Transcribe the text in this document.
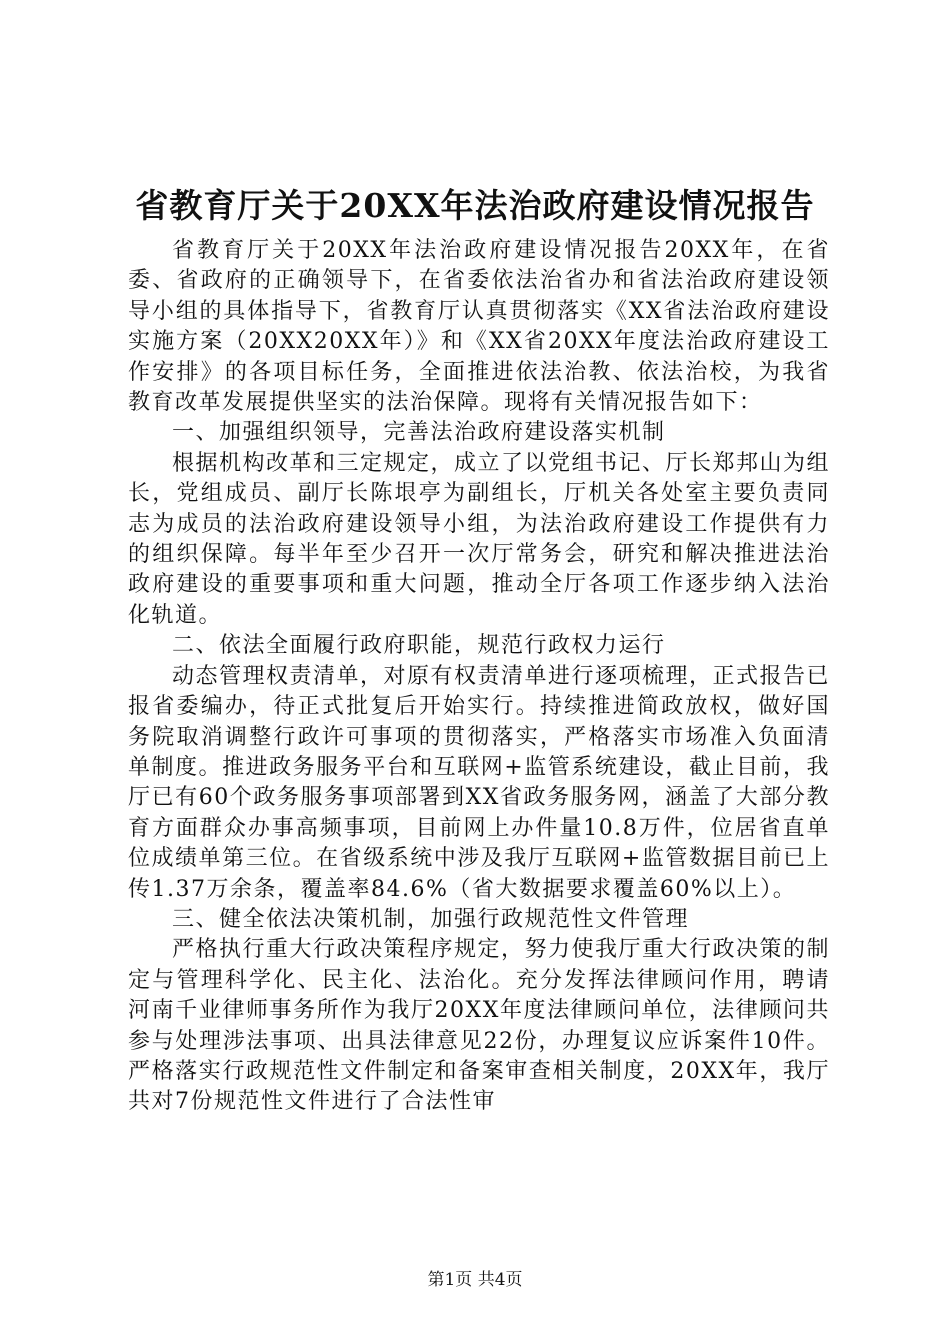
省教育厅关于20XX年法治政府建设情况报告

省教育厅关于20XX年法治政府建设情况报告20XX年，在省委、省政府的正确领导下，在省委依法治省办和省法治政府建设领导小组的具体指导下，省教育厅认真贯彻落实《XX省法治政府建设实施方案（20XX20XX年）》和《XX省20XX年度法治政府建设工作安排》的各项目标任务，全面推进依法治教、依法治校，为我省教育改革发展提供坚实的法治保障。现将有关情况报告如下：

一、加强组织领导，完善法治政府建设落实机制

根据机构改革和三定规定，成立了以党组书记、厅长郑邦山为组长，党组成员、副厅长陈垠亭为副组长，厅机关各处室主要负责同志为成员的法治政府建设领导小组，为法治政府建设工作提供有力的组织保障。每半年至少召开一次厅常务会，研究和解决推进法治政府建设的重要事项和重大问题，推动全厅各项工作逐步纳入法治化轨道。

二、依法全面履行政府职能，规范行政权力运行

动态管理权责清单，对原有权责清单进行逐项梳理，正式报告已报省委编办，待正式批复后开始实行。持续推进简政放权，做好国务院取消调整行政许可事项的贯彻落实，严格落实市场准入负面清单制度。推进政务服务平台和互联网+监管系统建设，截止目前，我厅已有60个政务服务事项部署到XX省政务服务网，涵盖了大部分教育方面群众办事高频事项，目前网上办件量10.8万件，位居省直单位成绩单第三位。在省级系统中涉及我厅互联网+监管数据目前已上传1.37万余条，覆盖率84.6%（省大数据要求覆盖60%以上）。

三、健全依法决策机制，加强行政规范性文件管理

严格执行重大行政决策程序规定，努力使我厅重大行政决策的制定与管理科学化、民主化、法治化。充分发挥法律顾问作用，聘请河南千业律师事务所作为我厅20XX年度法律顾问单位，法律顾问共参与处理涉法事项、出具法律意见22份，办理复议应诉案件10件。严格落实行政规范性文件制定和备案审查相关制度，20XX年，我厅共对7份规范性文件进行了合法性审

第1页 共4页
